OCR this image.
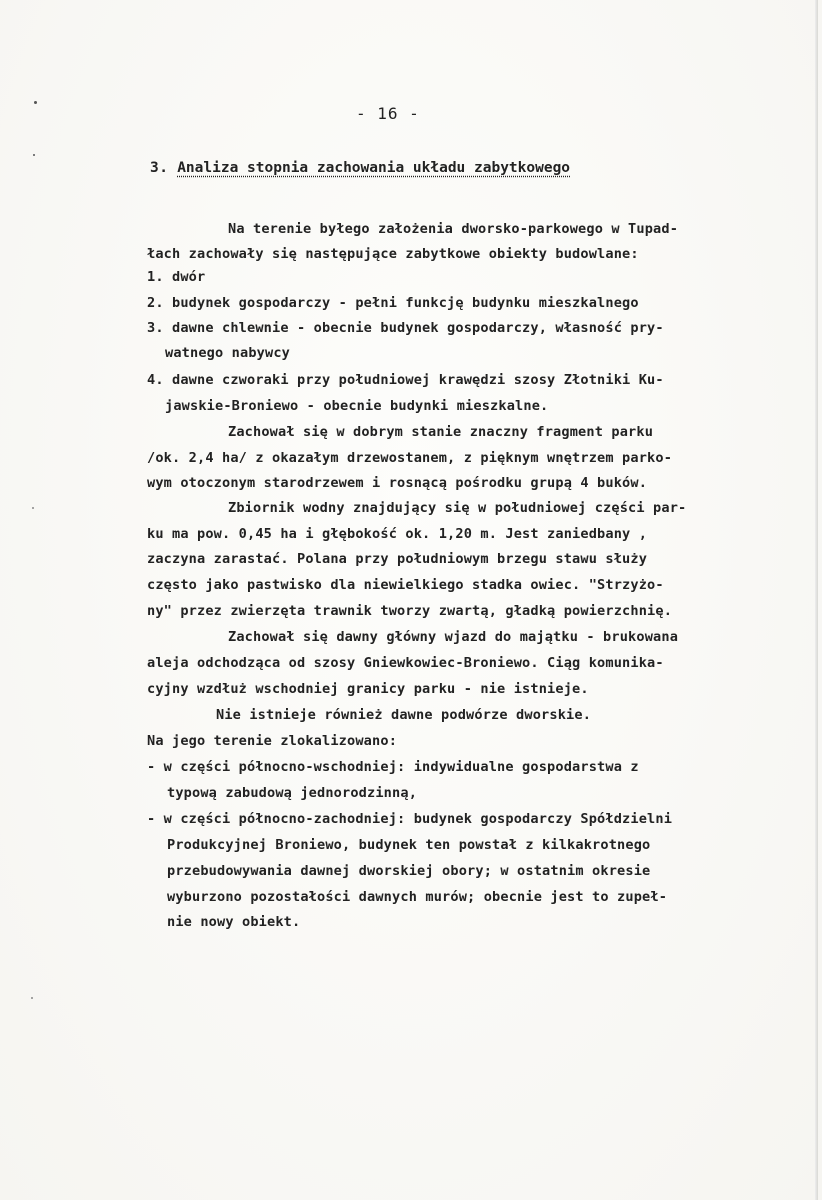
- 16 -
3. Analiza stopnia zachowania układu zabytkowego
Na terenie byłego założenia dworsko-parkowego w Tupad-
łach zachowały się następujące zabytkowe obiekty budowlane:
1. dwór
2. budynek gospodarczy - pełni funkcję budynku mieszkalnego
3. dawne chlewnie - obecnie budynek gospodarczy, własność pry-
watnego nabywcy
4. dawne czworaki przy południowej krawędzi szosy Złotniki Ku-
jawskie-Broniewo - obecnie budynki mieszkalne.
Zachował się w dobrym stanie znaczny fragment parku
/ok. 2,4 ha/ z okazałym drzewostanem, z pięknym wnętrzem parko-
wym otoczonym starodrzewem i rosnącą pośrodku grupą 4 buków.
Zbiornik wodny znajdujący się w południowej części par-
ku ma pow. 0,45 ha i głębokość ok. 1,20 m. Jest zaniedbany ,
zaczyna zarastać. Polana przy południowym brzegu stawu służy
często jako pastwisko dla niewielkiego stadka owiec. "Strzyżo-
ny" przez zwierzęta trawnik tworzy zwartą, gładką powierzchnię.
Zachował się dawny główny wjazd do majątku - brukowana
aleja odchodząca od szosy Gniewkowiec-Broniewo. Ciąg komunika-
cyjny wzdłuż wschodniej granicy parku - nie istnieje.
Nie istnieje również dawne podwórze dworskie.
Na jego terenie zlokalizowano:
- w części północno-wschodniej: indywidualne gospodarstwa z
typową zabudową jednorodzinną,
- w części północno-zachodniej: budynek gospodarczy Spółdzielni
Produkcyjnej Broniewo, budynek ten powstał z kilkakrotnego
przebudowywania dawnej dworskiej obory; w ostatnim okresie
wyburzono pozostałości dawnych murów; obecnie jest to zupeł-
nie nowy obiekt.
